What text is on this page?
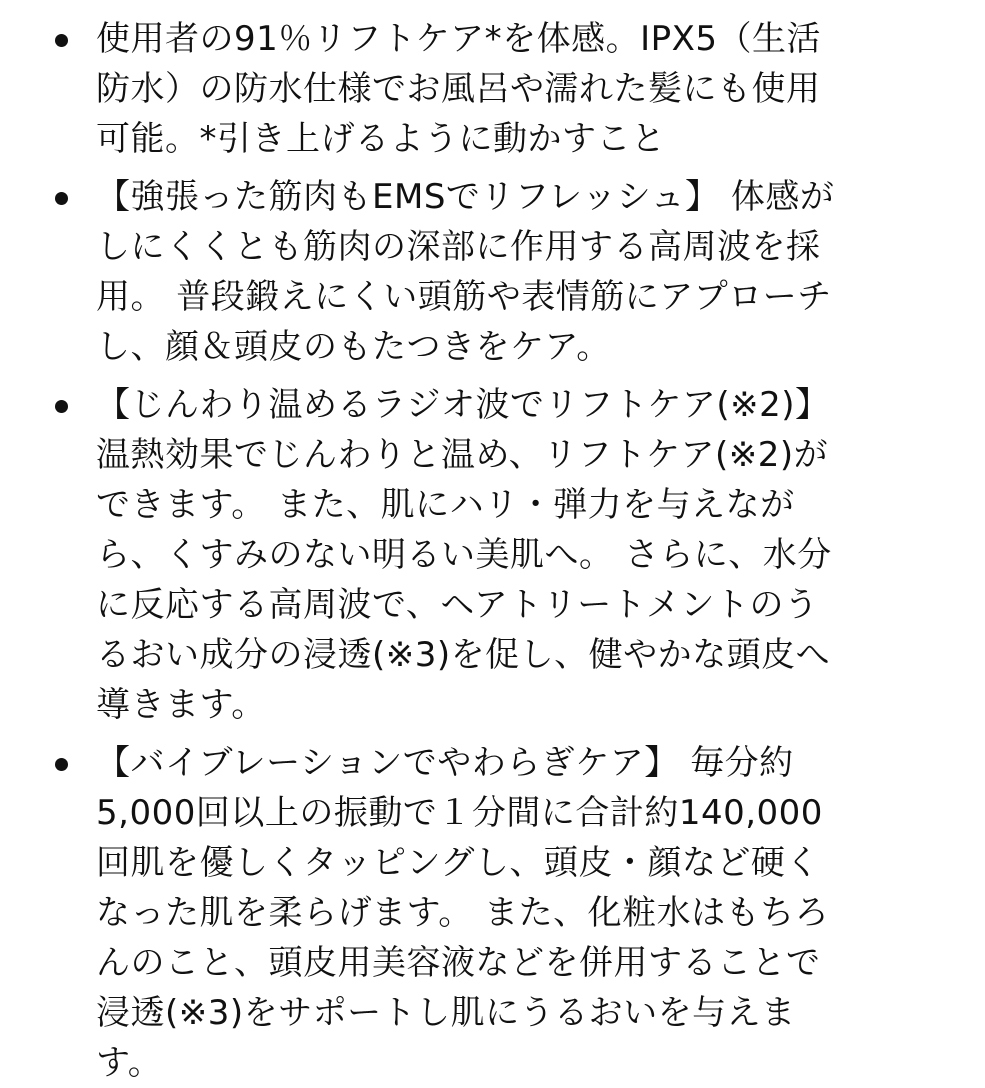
使用者の91％リフトケア*を体感。IPX5（生活
防水）の防水仕様でお風呂や濡れた髪にも使用
可能。*引き上げるように動かすこと
【強張った筋肉もEMSでリフレッシュ】 体感が
しにくくとも筋肉の深部に作用する高周波を採
用。 普段鍛えにくい頭筋や表情筋にアプローチ
し、顔＆頭皮のもたつきをケア。
【じんわり温めるラジオ波でリフトケア(※2)】
温熱効果でじんわりと温め、リフトケア(※2)が
できます。 また、肌にハリ・弾力を与えなが
ら、くすみのない明るい美肌へ。 さらに、水分
に反応する高周波で、ヘアトリートメントのう
るおい成分の浸透(※3)を促し、健やかな頭皮へ
導きます。
【バイブレーションでやわらぎケア】 毎分約
5,000回以上の振動で１分間に合計約140,000
回肌を優しくタッピングし、頭皮・顔など硬く
なった肌を柔らげます。 また、化粧水はもちろ
んのこと、頭皮用美容液などを併用することで
浸透(※3)をサポートし肌にうるおいを与えま
す。
